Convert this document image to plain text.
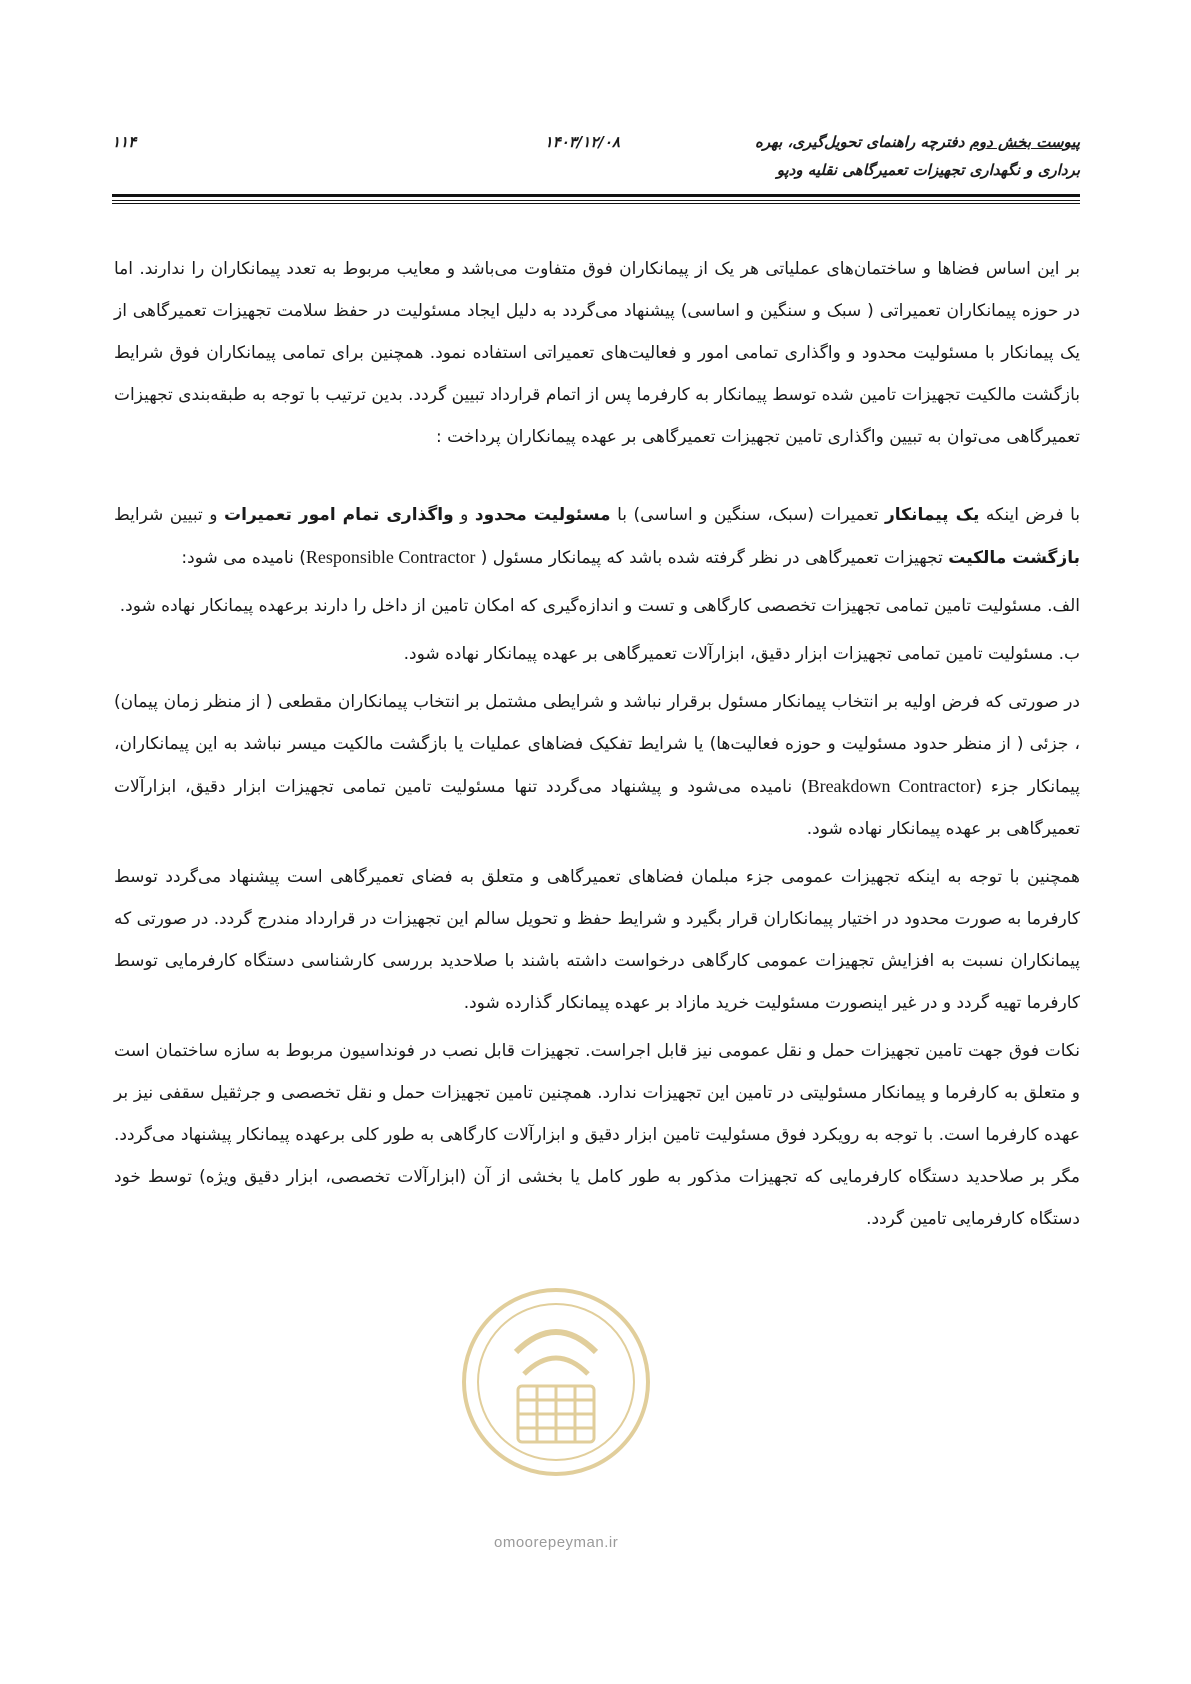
پیوست بخش دوم دفترچه راهنمای تحویل‌گیری، بهره
برداری و نگهداری تجهیزات تعمیرگاهی نقلیه ودپو
۱۴۰۳/۱۲/۰۸
۱۱۴

بر این اساس فضاها و ساختمان‌های عملیاتی هر یک از پیمانکاران فوق متفاوت می‌باشد و معایب مربوط به تعدد پیمانکاران را ندارند. اما در حوزه پیمانکاران تعمیراتی ( سبک و سنگین و اساسی) پیشنهاد می‌گردد به دلیل ایجاد مسئولیت در حفظ سلامت تجهیزات تعمیرگاهی از یک پیمانکار با مسئولیت محدود و واگذاری تمامی امور و فعالیت‌های تعمیراتی استفاده نمود. همچنین برای تمامی پیمانکاران فوق شرایط بازگشت مالکیت تجهیزات تامین شده توسط پیمانکار به کارفرما پس از اتمام قرارداد تبیین گردد. بدین ترتیب با توجه به طبقه‌بندی تجهیزات تعمیرگاهی می‌توان به تبیین واگذاری تامین تجهیزات تعمیرگاهی بر عهده پیمانکاران پرداخت :

با فرض اینکه یک پیمانکار تعمیرات (سبک، سنگین و اساسی) با مسئولیت محدود و واگذاری تمام امور تعمیرات و تبیین شرایط بازگشت مالکیت تجهیزات تعمیرگاهی در نظر گرفته شده باشد که پیمانکار مسئول ( Responsible Contractor) نامیده می شود:

الف. مسئولیت تامین تمامی تجهیزات تخصصی کارگاهی و تست و اندازه‌گیری که امکان تامین از داخل را دارند برعهده پیمانکار نهاده شود.

ب. مسئولیت تامین تمامی تجهیزات ابزار دقیق، ابزارآلات تعمیرگاهی بر عهده پیمانکار نهاده شود.

در صورتی که فرض اولیه بر انتخاب پیمانکار مسئول برقرار نباشد و شرایطی مشتمل بر انتخاب پیمانکاران مقطعی ( از منظر زمان پیمان) ، جزئی ( از منظر حدود مسئولیت و حوزه فعالیت‌ها) یا شرایط تفکیک فضاهای عملیات یا بازگشت مالکیت میسر نباشد به این پیمانکاران، پیمانکار جزء (Breakdown Contractor) نامیده می‌شود و پیشنهاد می‌گردد تنها مسئولیت تامین تمامی تجهیزات ابزار دقیق، ابزارآلات تعمیرگاهی بر عهده پیمانکار نهاده شود.

همچنین با توجه به اینکه تجهیزات عمومی جزء مبلمان فضاهای تعمیرگاهی و متعلق به فضای تعمیرگاهی است پیشنهاد می‌گردد توسط کارفرما به صورت محدود در اختیار پیمانکاران قرار بگیرد و شرایط حفظ و تحویل سالم این تجهیزات در قرارداد مندرج گردد. در صورتی که پیمانکاران نسبت به افزایش تجهیزات عمومی کارگاهی درخواست داشته باشند با صلاحدید بررسی کارشناسی دستگاه کارفرمایی توسط کارفرما تهیه گردد و در غیر اینصورت مسئولیت خرید مازاد بر عهده پیمانکار گذارده شود.

نکات فوق جهت تامین تجهیزات حمل و نقل عمومی نیز قابل اجراست. تجهیزات قابل نصب در فونداسیون مربوط به سازه ساختمان است و متعلق به کارفرما و پیمانکار مسئولیتی در تامین این تجهیزات ندارد. همچنین تامین تجهیزات حمل و نقل تخصصی و جرثقیل سقفی نیز بر عهده کارفرما است. با توجه به رویکرد فوق مسئولیت تامین ابزار دقیق و ابزارآلات کارگاهی به طور کلی برعهده پیمانکار پیشنهاد می‌گردد. مگر بر صلاحدید دستگاه کارفرمایی که تجهیزات مذکور به طور کامل یا بخشی از آن (ابزارآلات تخصصی، ابزار دقیق ویژه) توسط خود دستگاه کارفرمایی تامین گردد.

omoorepeyman.ir
